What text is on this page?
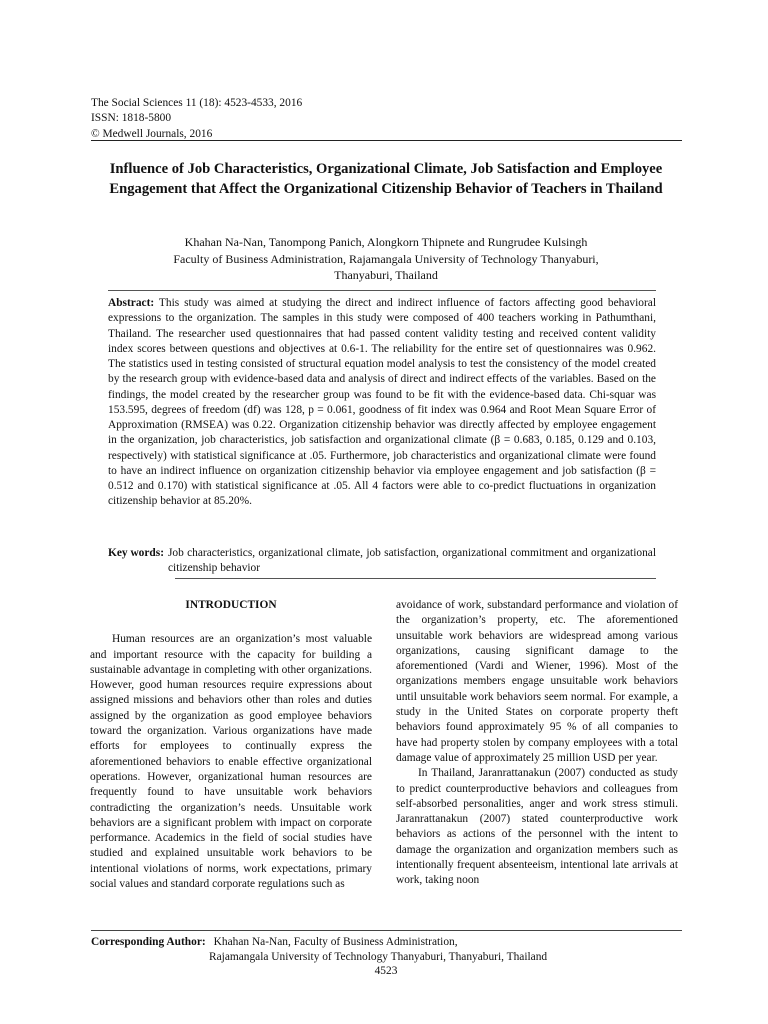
The Social Sciences 11 (18): 4523-4533, 2016
ISSN: 1818-5800
© Medwell Journals, 2016
Influence of Job Characteristics, Organizational Climate, Job Satisfaction and Employee Engagement that Affect the Organizational Citizenship Behavior of Teachers in Thailand
Khahan Na-Nan, Tanompong Panich, Alongkorn Thipnete and Rungrudee Kulsingh
Faculty of Business Administration, Rajamangala University of Technology Thanyaburi,
Thanyaburi, Thailand
Abstract: This study was aimed at studying the direct and indirect influence of factors affecting good behavioral expressions to the organization. The samples in this study were composed of 400 teachers working in Pathumthani, Thailand. The researcher used questionnaires that had passed content validity testing and received content validity index scores between questions and objectives at 0.6-1. The reliability for the entire set of questionnaires was 0.962. The statistics used in testing consisted of structural equation model analysis to test the consistency of the model created by the research group with evidence-based data and analysis of direct and indirect effects of the variables. Based on the findings, the model created by the researcher group was found to be fit with the evidence-based data. Chi-squar was 153.595, degrees of freedom (df) was 128, p = 0.061, goodness of fit index was 0.964 and Root Mean Square Error of Approximation (RMSEA) was 0.22. Organization citizenship behavior was directly affected by employee engagement in the organization, job characteristics, job satisfaction and organizational climate (β = 0.683, 0.185, 0.129 and 0.103, respectively) with statistical significance at .05. Furthermore, job characteristics and organizational climate were found to have an indirect influence on organization citizenship behavior via employee engagement and job satisfaction (β = 0.512 and 0.170) with statistical significance at .05. All 4 factors were able to co-predict fluctuations in organization citizenship behavior at 85.20%.
Key words: Job characteristics, organizational climate, job satisfaction, organizational commitment and organizational citizenship behavior
INTRODUCTION

Human resources are an organization’s most valuable and important resource with the capacity for building a sustainable advantage in completing with other organizations. However, good human resources require expressions about assigned missions and behaviors other than roles and duties assigned by the organization as good employee behaviors toward the organization. Various organizations have made efforts for employees to continually express the aforementioned behaviors to enable effective organizational operations. However, organizational human resources are frequently found to have unsuitable work behaviors contradicting the organization’s needs. Unsuitable work behaviors are a significant problem with impact on corporate performance. Academics in the field of social studies have studied and explained unsuitable work behaviors to be intentional violations of norms, work expectations, primary social values and standard corporate regulations such as

avoidance of work, substandard performance and violation of the organization’s property, etc. The aforementioned unsuitable work behaviors are widespread among various organizations, causing significant damage to the aforementioned (Vardi and Wiener, 1996). Most of the organizations members engage unsuitable work behaviors until unsuitable work behaviors seem normal. For example, a study in the United States on corporate property theft behaviors found approximately 95 % of all companies to have had property stolen by company employees with a total damage value of approximately 25 million USD per year.

In Thailand, Jaranrattanakun (2007) conducted as study to predict counterproductive behaviors and colleagues from self-absorbed personalities, anger and work stress stimuli. Jaranrattanakun (2007) stated counterproductive work behaviors as actions of the personnel with the intent to damage the organization and organization members such as intentionally frequent absenteeism, intentional late arrivals at work, taking noon

Corresponding Author: Khahan Na-Nan, Faculty of Business Administration,
Rajamangala University of Technology Thanyaburi, Thanyaburi, Thailand
4523
